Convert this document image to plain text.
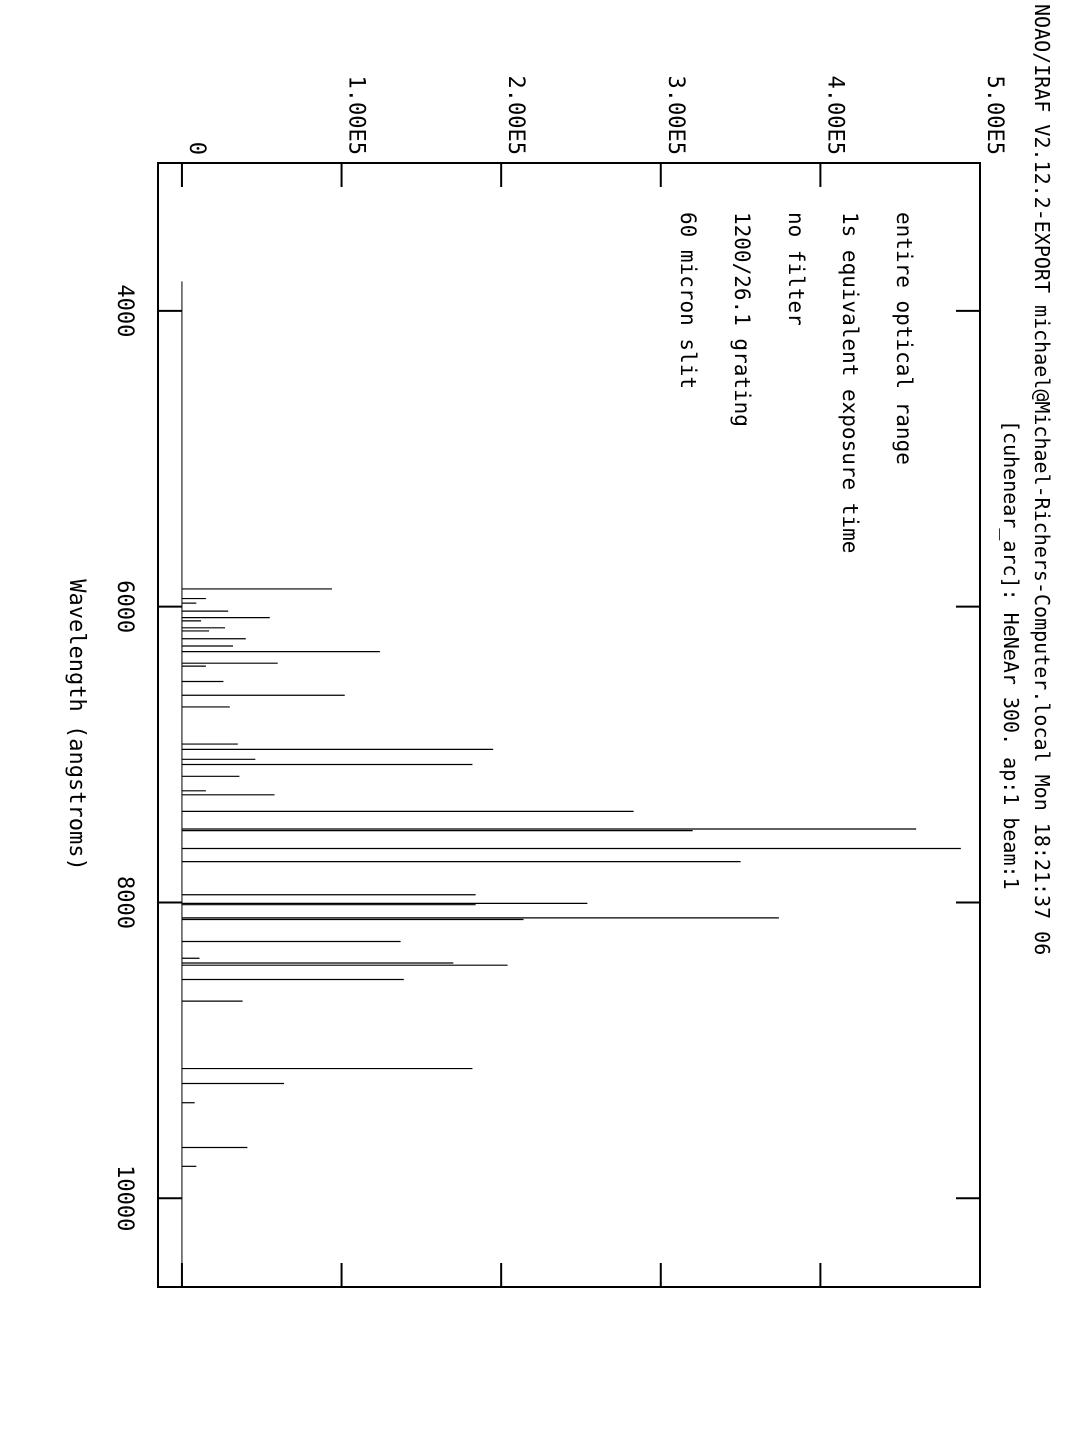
0	1.00E5	2.00E5	3.00E5	4.00E5	5.00E5
4000
6000
8000
10000
NOAO/IRAF V2.12.2-EXPORT michael@Michael-Richers-Computer.local Mon 18:21:37 06
[cuhenear_arc]: HeNeAr 300. ap:1 beam:1
entire optical range
1s equivalent exposure time
no filter
1200/26.1 grating
60 micron slit
Wavelength (angstroms)
